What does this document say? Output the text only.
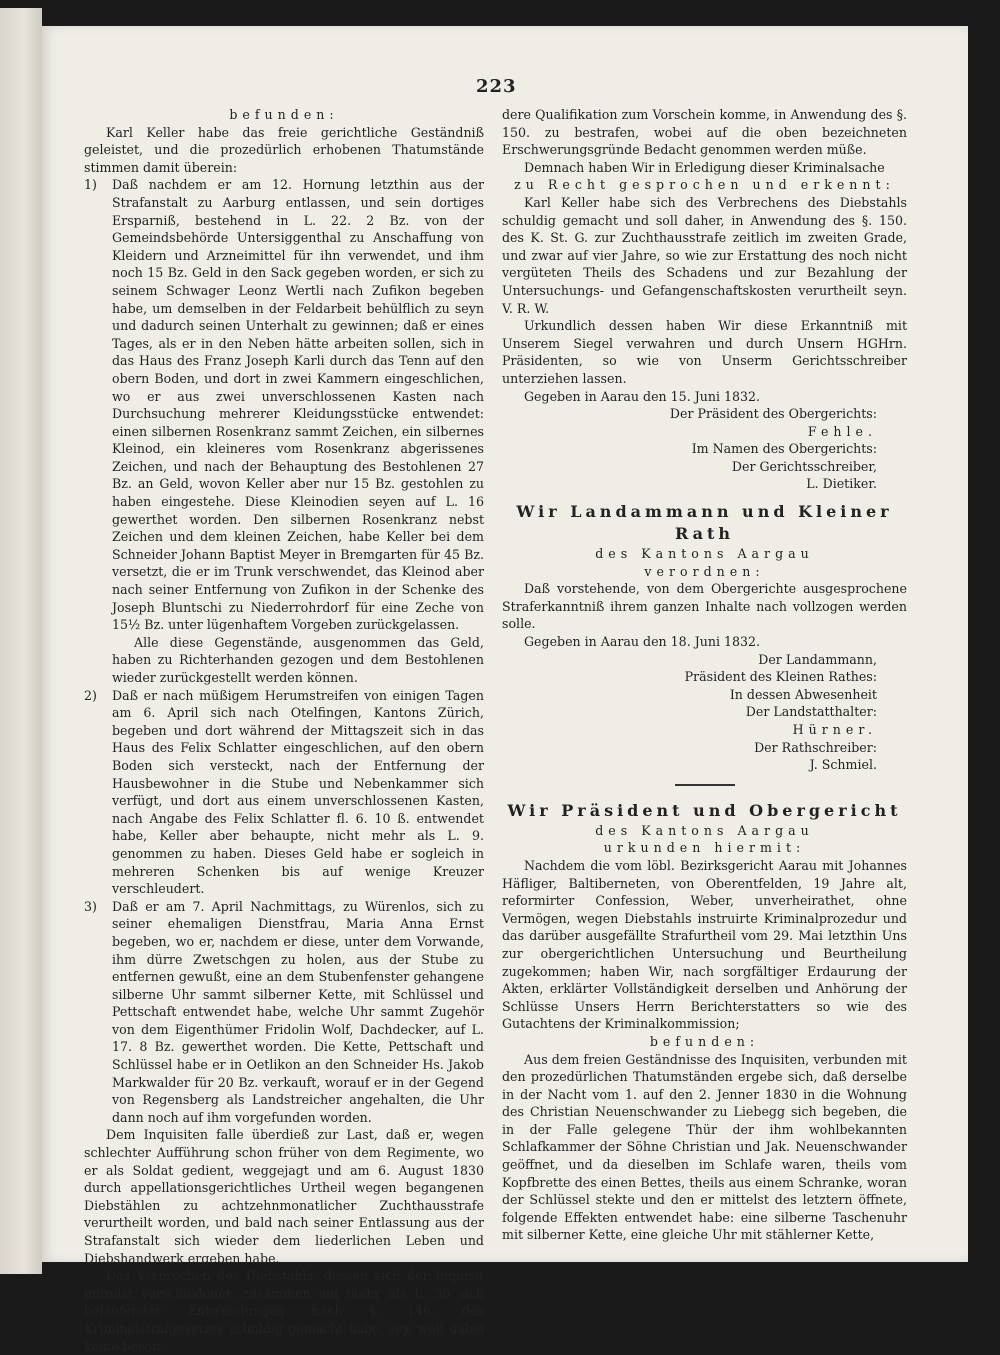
223

befunden:

Karl Keller habe das freie gerichtliche Geständniß geleistet, und die prozedürlich erhobenen Thatumstände stimmen damit überein:

1)	Daß nachdem er am 12. Hornung letzthin aus der Strafanstalt zu Aarburg entlassen, und sein dortiges Ersparniß, bestehend in L. 22. 2 Bz. von der Gemeindsbehörde Untersiggenthal zu Anschaffung von Kleidern und Arzneimittel für ihn verwendet, und ihm noch 15 Bz. Geld in den Sack gegeben worden, er sich zu seinem Schwager Leonz Wertli nach Zufikon begeben habe, um demselben in der Feldarbeit behülflich zu seyn und dadurch seinen Unterhalt zu gewinnen; daß er eines Tages, als er in den Neben hätte arbeiten sollen, sich in das Haus des Franz Joseph Karli durch das Tenn auf den obern Boden, und dort in zwei Kammern eingeschlichen, wo er aus zwei unverschlossenen Kasten nach Durchsuchung mehrerer Kleidungsstücke entwendet: einen silbernen Rosenkranz sammt Zeichen, ein silbernes Kleinod, ein kleineres vom Rosenkranz abgerissenes Zeichen, und nach der Behauptung des Bestohlenen 27 Bz. an Geld, wovon Keller aber nur 15 Bz. gestohlen zu haben eingestehe. Diese Kleinodien seyen auf L. 16 gewerthet worden. Den silbernen Rosenkranz nebst Zeichen und dem kleinen Zeichen, habe Keller bei dem Schneider Johann Baptist Meyer in Bremgarten für 45 Bz. versetzt, die er im Trunk verschwendet, das Kleinod aber nach seiner Entfernung von Zufikon in der Schenke des Joseph Bluntschi zu Niederrohrdorf für eine Zeche von 15½ Bz. unter lügenhaftem Vorgeben zurückgelassen.

Alle diese Gegenstände, ausgenommen das Geld, haben zu Richterhanden gezogen und dem Bestohlenen wieder zurückgestellt werden können.

2)	Daß er nach müßigem Herumstreifen von einigen Tagen am 6. April sich nach Otelfingen, Kantons Zürich, begeben und dort während der Mittagszeit sich in das Haus des Felix Schlatter eingeschlichen, auf den obern Boden sich versteckt, nach der Entfernung der Hausbewohner in die Stube und Nebenkammer sich verfügt, und dort aus einem unverschlossenen Kasten, nach Angabe des Felix Schlatter fl. 6. 10 ß. entwendet habe, Keller aber behaupte, nicht mehr als L. 9. genommen zu haben. Dieses Geld habe er sogleich in mehreren Schenken bis auf wenige Kreuzer verschleudert.

3)	Daß er am 7. April Nachmittags, zu Würenlos, sich zu seiner ehemaligen Dienstfrau, Maria Anna Ernst begeben, wo er, nachdem er diese, unter dem Vorwande, ihm dürre Zwetschgen zu holen, aus der Stube zu entfernen gewußt, eine an dem Stubenfenster gehangene silberne Uhr sammt silberner Kette, mit Schlüssel und Pettschaft entwendet habe, welche Uhr sammt Zugehör von dem Eigenthümer Fridolin Wolf, Dachdecker, auf L. 17. 8 Bz. gewerthet worden. Die Kette, Pettschaft und Schlüssel habe er in Oetlikon an den Schneider Hs. Jakob Markwalder für 20 Bz. verkauft, worauf er in der Gegend von Regensberg als Landstreicher angehalten, die Uhr dann noch auf ihm vorgefunden worden.

Dem Inquisiten falle überdieß zur Last, daß er, wegen schlechter Aufführung schon früher von dem Regimente, wo er als Soldat gedient, weggejagt und am 6. August 1830 durch appellationsgerichtliches Urtheil wegen begangenen Diebstählen zu achtzehnmonatlicher Zuchthausstrafe verurtheilt worden, und bald nach seiner Entlassung aus der Strafanstalt sich wieder dem liederlichen Leben und Diebshandwerk ergeben habe.

Das Verbrechen des Diebstahls, dessen sich der Inquisit mittelst verschiedener, zusammen auf mehr als L. 30 sich belaufender Entwendungen nach §. 146. des Kriminalstrafgesetzes schuldig gemacht habe, sey, weil dabei keine beson-

dere Qualifikation zum Vorschein komme, in Anwendung des §. 150. zu bestrafen, wobei auf die oben bezeichneten Erschwerungsgründe Bedacht genommen werden müße.

Demnach haben Wir in Erledigung dieser Kriminalsache

zu Recht gesprochen und erkennt:

Karl Keller habe sich des Verbrechens des Diebstahls schuldig gemacht und soll daher, in Anwendung des §. 150. des K. St. G. zur Zuchthausstrafe zeitlich im zweiten Grade, und zwar auf vier Jahre, so wie zur Erstattung des noch nicht vergüteten Theils des Schadens und zur Bezahlung der Untersuchungs- und Gefangenschaftskosten verurtheilt seyn. V. R. W.

Urkundlich dessen haben Wir diese Erkanntniß mit Unserem Siegel verwahren und durch Unsern HGHrn. Präsidenten, so wie von Unserm Gerichtsschreiber unterziehen lassen.

Gegeben in Aarau den 15. Juni 1832.

Der Präsident des Obergerichts:

Fehle.

Im Namen des Obergerichts:

Der Gerichtsschreiber,

L. Dietiker.

Wir Landammann und Kleiner Rath

des Kantons Aargau

verordnen:

Daß vorstehende, von dem Obergerichte ausgesprochene Straferkanntniß ihrem ganzen Inhalte nach vollzogen werden solle.

Gegeben in Aarau den 18. Juni 1832.

Der Landammann,

Präsident des Kleinen Rathes:

In dessen Abwesenheit

Der Landstatthalter:

Hürner.

Der Rathschreiber:

J. Schmiel.

Wir Präsident und Obergericht

des Kantons Aargau

urkunden hiermit:

Nachdem die vom löbl. Bezirksgericht Aarau mit Johannes Häfliger, Baltiberneten, von Oberentfelden, 19 Jahre alt, reformirter Confession, Weber, unverheirathet, ohne Vermögen, wegen Diebstahls instruirte Kriminalprozedur und das darüber ausgefällte Strafurtheil vom 29. Mai letzthin Uns zur obergerichtlichen Untersuchung und Beurtheilung zugekommen; haben Wir, nach sorgfältiger Erdaurung der Akten, erklärter Vollständigkeit derselben und Anhörung der Schlüsse Unsers Herrn Berichterstatters so wie des Gutachtens der Kriminalkommission;

befunden:

Aus dem freien Geständnisse des Inquisiten, verbunden mit den prozedürlichen Thatumständen ergebe sich, daß derselbe in der Nacht vom 1. auf den 2. Jenner 1830 in die Wohnung des Christian Neuenschwander zu Liebegg sich begeben, die in der Falle gelegene Thür der ihm wohlbekannten Schlafkammer der Söhne Christian und Jak. Neuenschwander geöffnet, und da dieselben im Schlafe waren, theils vom Kopfbrette des einen Bettes, theils aus einem Schranke, woran der Schlüssel stekte und den er mittelst des letztern öffnete, folgende Effekten entwendet habe: eine silberne Taschenuhr mit silberner Kette, eine gleiche Uhr mit stählerner Kette,
